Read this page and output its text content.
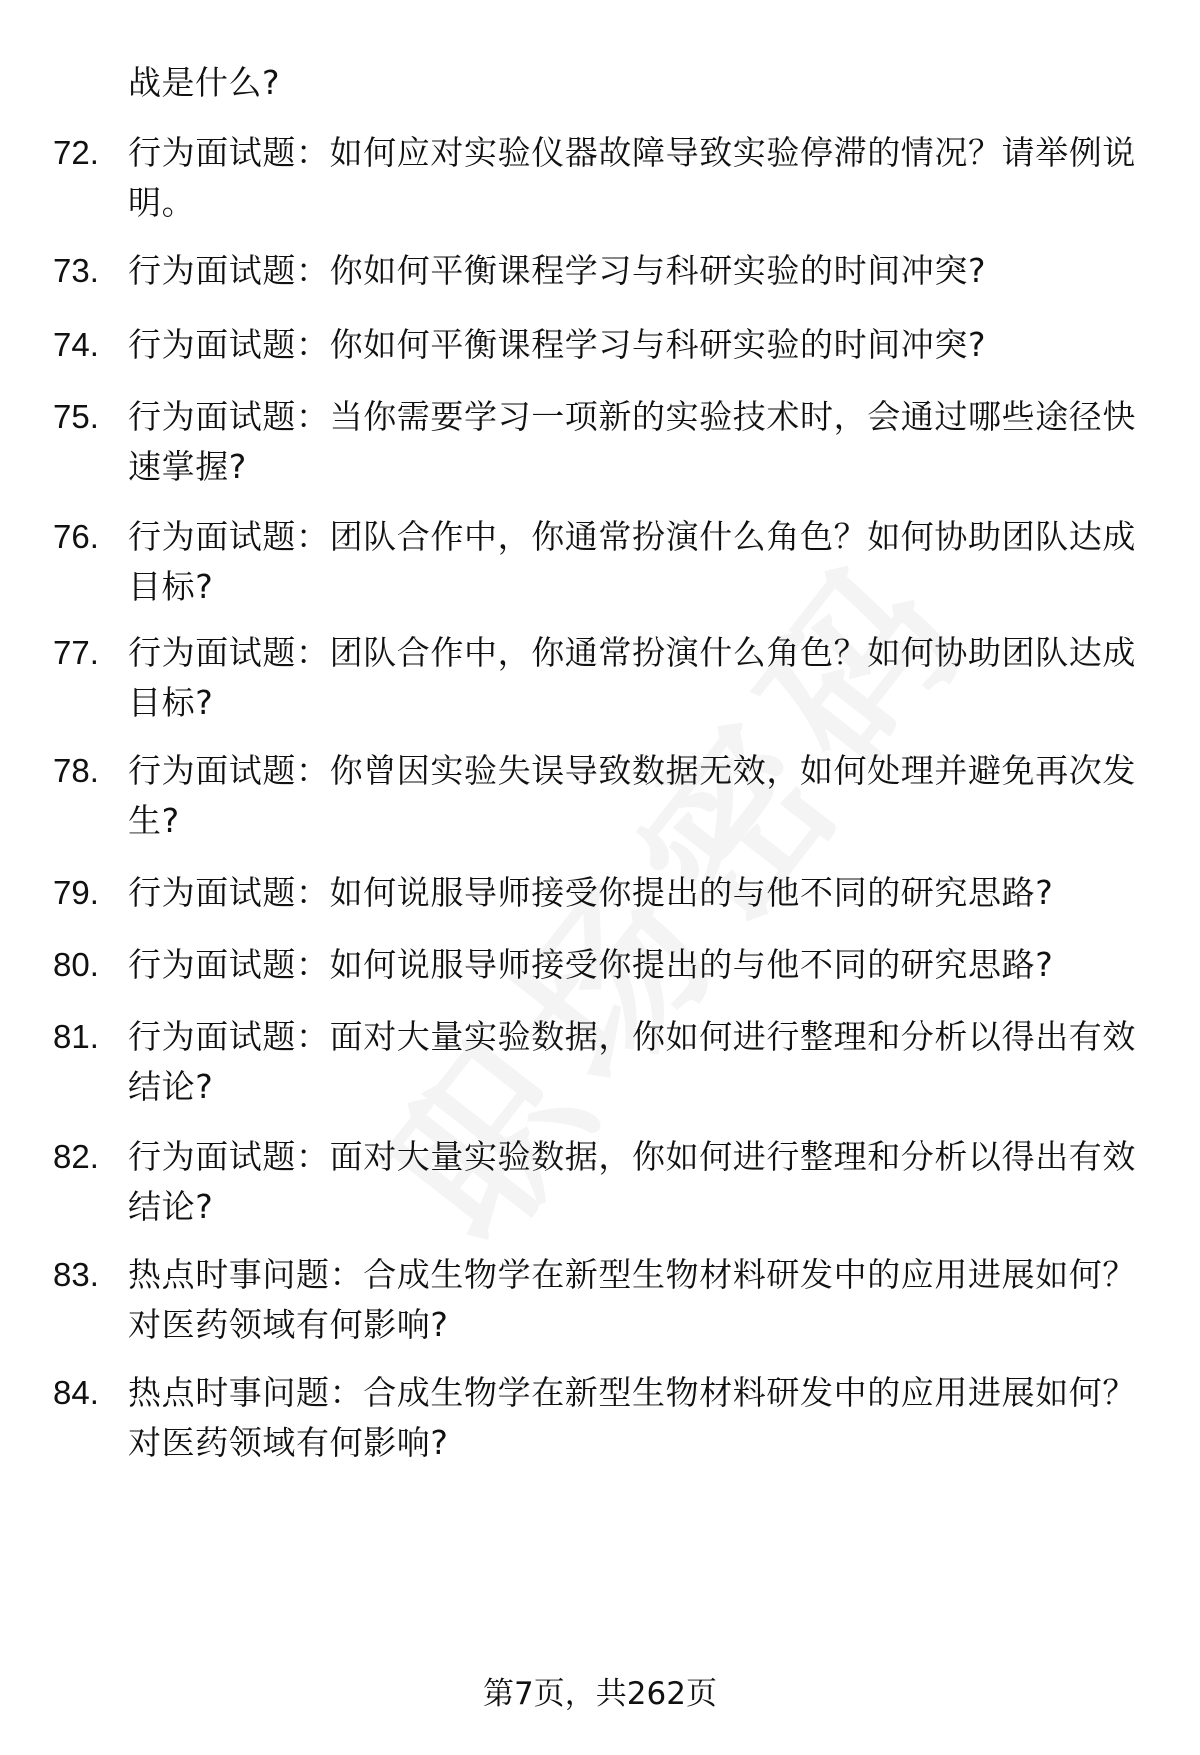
战是什么?
72. 行为面试题：如何应对实验仪器故障导致实验停滞的情况？请举例说明。
73. 行为面试题：你如何平衡课程学习与科研实验的时间冲突?
74. 行为面试题：你如何平衡课程学习与科研实验的时间冲突?
75. 行为面试题：当你需要学习一项新的实验技术时，会通过哪些途径快速掌握?
76. 行为面试题：团队合作中，你通常扮演什么角色？如何协助团队达成目标?
77. 行为面试题：团队合作中，你通常扮演什么角色？如何协助团队达成目标?
78. 行为面试题：你曾因实验失误导致数据无效，如何处理并避免再次发生?
79. 行为面试题：如何说服导师接受你提出的与他不同的研究思路?
80. 行为面试题：如何说服导师接受你提出的与他不同的研究思路?
81. 行为面试题：面对大量实验数据，你如何进行整理和分析以得出有效结论?
82. 行为面试题：面对大量实验数据，你如何进行整理和分析以得出有效结论?
83. 热点时事问题：合成生物学在新型生物材料研发中的应用进展如何？对医药领域有何影响?
84. 热点时事问题：合成生物学在新型生物材料研发中的应用进展如何？对医药领域有何影响?
第7页，共262页
